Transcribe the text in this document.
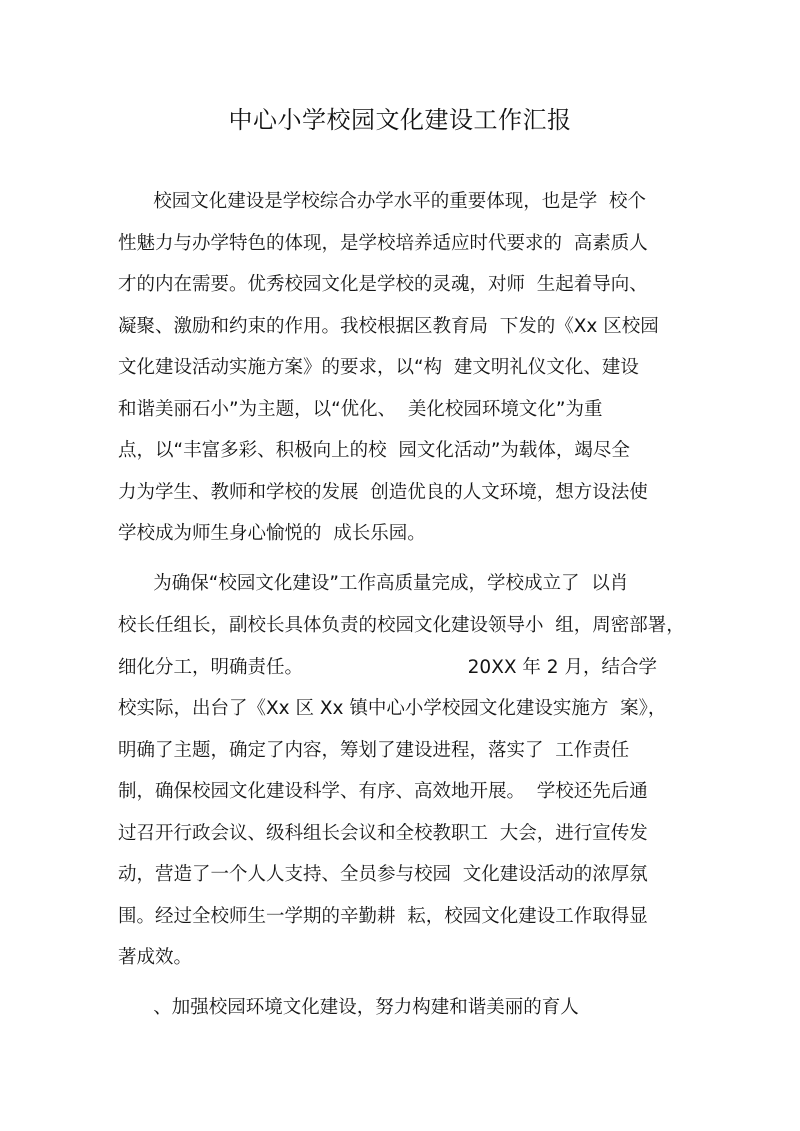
中心小学校园文化建设工作汇报
校园文化建设是学校综合办学水平的重要体现，也是学  校个
性魅力与办学特色的体现，是学校培养适应时代要求的  高素质人
才的内在需要。优秀校园文化是学校的灵魂，对师  生起着导向、
凝聚、激励和约束的作用。我校根据区教育局  下发的《Xx 区校园
文化建设活动实施方案》的要求，以“构  建文明礼仪文化、建设
和谐美丽石小”为主题，以“优化、  美化校园环境文化”为重
点，以“丰富多彩、积极向上的校  园文化活动”为载体，竭尽全
力为学生、教师和学校的发展  创造优良的人文环境，想方设法使
学校成为师生身心愉悦的  成长乐园。
为确保“校园文化建设”工作高质量完成，学校成立了  以肖
校长任组长，副校长具体负责的校园文化建设领导小  组，周密部署，
细化分工，明确责任。                            20XX 年 2 月，结合学
校实际，出台了《Xx 区 Xx 镇中心小学校园文化建设实施方  案》，
明确了主题，确定了内容，筹划了建设进程，落实了  工作责任
制，确保校园文化建设科学、有序、高效地开展。  学校还先后通
过召开行政会议、级科组长会议和全校教职工  大会，进行宣传发
动，营造了一个人人支持、全员参与校园  文化建设活动的浓厚氛
围。经过全校师生一学期的辛勤耕  耘，校园文化建设工作取得显
著成效。
、加强校园环境文化建设，努力构建和谐美丽的育人
